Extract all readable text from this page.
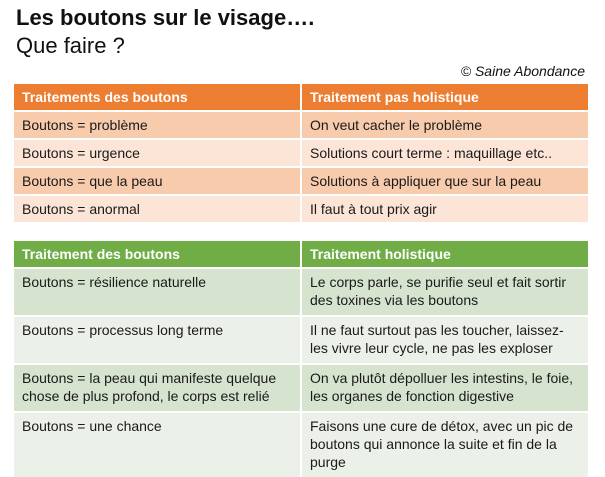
Les boutons sur le visage….
Que faire ?
© Saine Abondance
Traitements des boutons	Traitement pas holistique
Boutons = problème	On veut cacher le problème
Boutons = urgence	Solutions court terme : maquillage etc..
Boutons = que la peau	Solutions à appliquer que sur la peau
Boutons = anormal	Il faut à tout prix agir
Traitement des boutons	Traitement holistique
Boutons = résilience naturelle	Le corps parle, se purifie seul et fait sortir des toxines via les boutons
Boutons = processus long terme	Il ne faut surtout pas les toucher, laissez-les vivre leur cycle, ne pas les exploser
Boutons = la peau qui manifeste quelque chose de plus profond, le corps est relié	On va plutôt dépolluer les intestins, le foie, les organes de fonction digestive
Boutons = une chance	Faisons une cure de détox, avec un pic de boutons qui annonce la suite et fin de la purge
